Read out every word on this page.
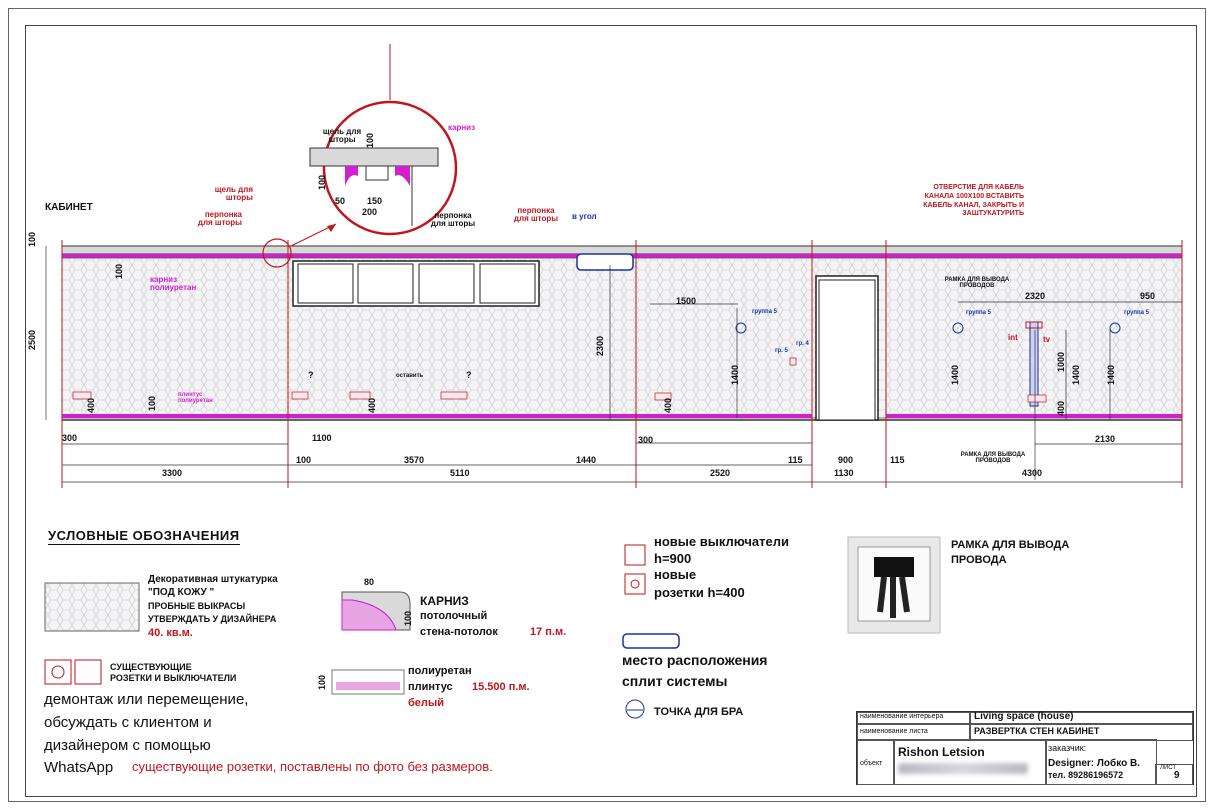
КАБИНЕТ
карниз
щель для шторы
перпонка для шторы
щель для шторы
перпонка для шторы
перпонка для шторы в угол
карниз полиуретан
плинтус полиуретан
оставить
?	?
ОТВЕРСТИЕ ДЛЯ КАБЕЛЬ КАНАЛА 100Х100 ВСТАВИТЬ КАБЕЛЬ КАНАЛ, ЗАКРЫТЬ И ЗАШТУКАТУРИТЬ
РАМКА ДЛЯ ВЫВОДА ПРОВОДОВ
РАМКА ДЛЯ ВЫВОДА ПРОВОДОВ
группа 5	группа 5	группа 5
гр. 4
гр. 5
int	tv
100
100
50 150
200
100
2500
100
400	100	400
2300
400
1400	1400
1000
1400	1400
400
300	1100	300
1500	2320	950
2130
100	3570	1440
2520
115	900	115
3300	5110	1130	4300
УСЛОВНЫЕ ОБОЗНАЧЕНИЯ
Декоративная штукатурка
"ПОД КОЖУ "
ПРОБНЫЕ ВЫКРАСЫ
УТВЕРЖДАТЬ У ДИЗАЙНЕРА
40. кв.м.
80
100
КАРНИЗ
потолочный
стена-потолок	17 п.м.
СУЩЕСТВУЮЩИЕ
РОЗЕТКИ И ВЫКЛЮЧАТЕЛИ	100
полиуретан
плинтус 15.500 п.м.
белый
демонтаж или перемещение,
обсуждать с клиентом и
дизайнером с помощью
WhatsApp существующие розетки, поставлены по фото без размеров.
новые выключатели
h=900
новые
розетки h=400
место расположения
сплит системы
ТОЧКА ДЛЯ БРА
РАМКА ДЛЯ ВЫВОДА
ПРОВОДА
наименование интерьера	Living space (house)
наименование листа	РАЗВЕРТКА СТЕН КАБИНЕТ
объект
Rishon Letsion	заказчик:
Designer: Лобко В.
тел. 89286196572
ЛИСТ
9
